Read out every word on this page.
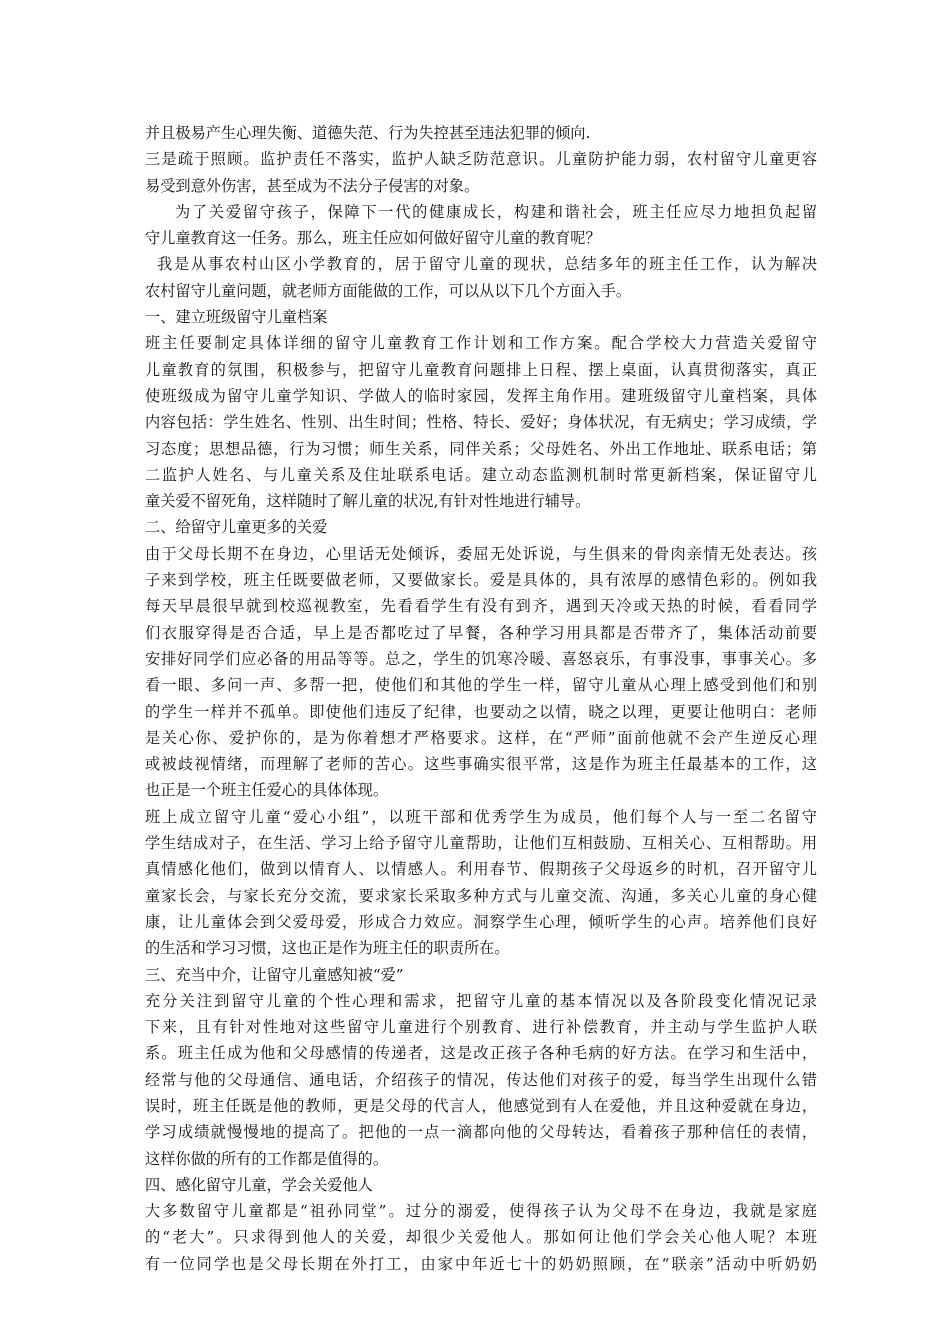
并且极易产生心理失衡、道德失范、行为失控甚至违法犯罪的倾向.
三是疏于照顾。监护责任不落实，监护人缺乏防范意识。儿童防护能力弱，农村留守儿童更容
易受到意外伤害，甚至成为不法分子侵害的对象。
为了关爱留守孩子，保障下一代的健康成长，构建和谐社会，班主任应尽力地担负起留
守儿童教育这一任务。那么，班主任应如何做好留守儿童的教育呢？
我是从事农村山区小学教育的，居于留守儿童的现状，总结多年的班主任工作，认为解决
农村留守儿童问题，就老师方面能做的工作，可以从以下几个方面入手。
一、建立班级留守儿童档案
班主任要制定具体详细的留守儿童教育工作计划和工作方案。配合学校大力营造关爱留守
儿童教育的氛围，积极参与，把留守儿童教育问题排上日程、摆上桌面，认真贯彻落实，真正
使班级成为留守儿童学知识、学做人的临时家园，发挥主角作用。建班级留守儿童档案，具体
内容包括：学生姓名、性别、出生时间；性格、特长、爱好；身体状况，有无病史；学习成绩，学
习态度；思想品德，行为习惯；师生关系，同伴关系；父母姓名、外出工作地址、联系电话；第
二监护人姓名、与儿童关系及住址联系电话。建立动态监测机制时常更新档案，保证留守儿
童关爱不留死角，这样随时了解儿童的状况,有针对性地进行辅导。
二、给留守儿童更多的关爱
由于父母长期不在身边，心里话无处倾诉，委屈无处诉说，与生俱来的骨肉亲情无处表达。孩
子来到学校，班主任既要做老师，又要做家长。爱是具体的，具有浓厚的感情色彩的。例如我
每天早晨很早就到校巡视教室，先看看学生有没有到齐，遇到天冷或天热的时候，看看同学
们衣服穿得是否合适，早上是否都吃过了早餐，各种学习用具都是否带齐了，集体活动前要
安排好同学们应必备的用品等等。总之，学生的饥寒冷暖、喜怒哀乐，有事没事，事事关心。多
看一眼、多问一声、多帮一把，使他们和其他的学生一样，留守儿童从心理上感受到他们和别
的学生一样并不孤单。即使他们违反了纪律，也要动之以情，晓之以理，更要让他明白：老师
是关心你、爱护你的，是为你着想才严格要求。这样，在“严师”面前他就不会产生逆反心理
或被歧视情绪，而理解了老师的苦心。这些事确实很平常，这是作为班主任最基本的工作，这
也正是一个班主任爱心的具体体现。
班上成立留守儿童“爱心小组”，以班干部和优秀学生为成员，他们每个人与一至二名留守
学生结成对子，在生活、学习上给予留守儿童帮助，让他们互相鼓励、互相关心、互相帮助。用
真情感化他们，做到以情育人、以情感人。利用春节、假期孩子父母返乡的时机，召开留守儿
童家长会，与家长充分交流，要求家长采取多种方式与儿童交流、沟通，多关心儿童的身心健
康，让儿童体会到父爱母爱，形成合力效应。洞察学生心理，倾听学生的心声。培养他们良好
的生活和学习习惯，这也正是作为班主任的职责所在。
三、充当中介，让留守儿童感知被“爱”
充分关注到留守儿童的个性心理和需求，把留守儿童的基本情况以及各阶段变化情况记录
下来，且有针对性地对这些留守儿童进行个别教育、进行补偿教育，并主动与学生监护人联
系。班主任成为他和父母感情的传递者，这是改正孩子各种毛病的好方法。在学习和生活中，
经常与他的父母通信、通电话，介绍孩子的情况，传达他们对孩子的爱，每当学生出现什么错
误时，班主任既是他的教师，更是父母的代言人，他感觉到有人在爱他，并且这种爱就在身边，
学习成绩就慢慢地的提高了。把他的一点一滴都向他的父母转达，看着孩子那种信任的表情，
这样你做的所有的工作都是值得的。
四、感化留守儿童，学会关爱他人
大多数留守儿童都是“祖孙同堂”。过分的溺爱，使得孩子认为父母不在身边，我就是家庭
的“老大”。只求得到他人的关爱，却很少关爱他人。那如何让他们学会关心他人呢？本班
有一位同学也是父母长期在外打工，由家中年近七十的奶奶照顾，在“联亲”活动中听奶奶
